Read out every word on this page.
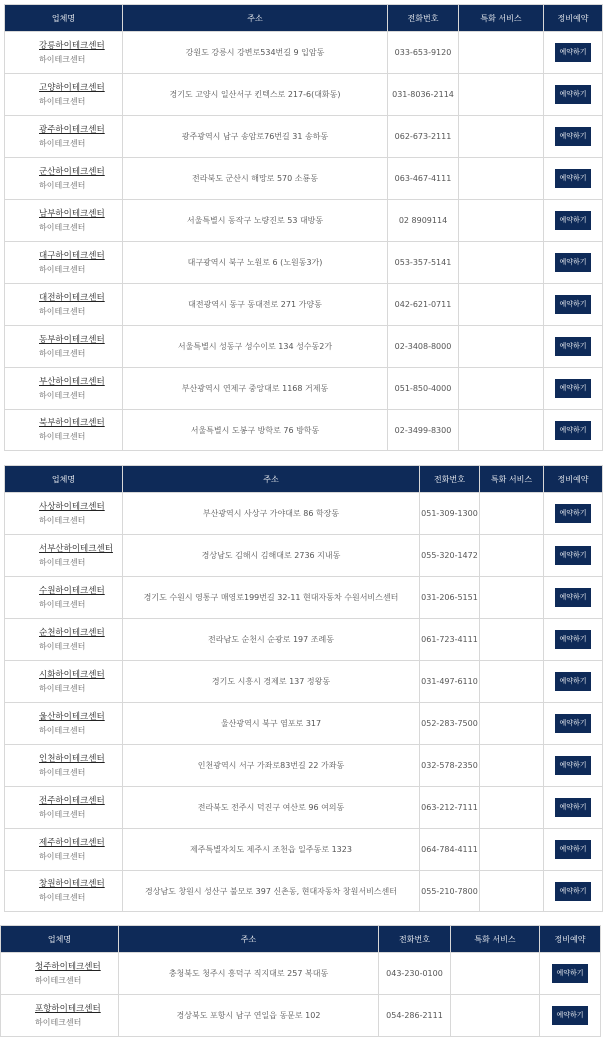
업체명	주소	전화번호	특화 서비스	정비예약

강릉하이테크센터
하이테크센터	강원도 강릉시 강변로534번길 9 입암동	033-653-9120		예약하기

고양하이테크센터
하이테크센터	경기도 고양시 일산서구 킨텍스로 217-6(대화동)	031-8036-2114		예약하기

광주하이테크센터
하이테크센터	광주광역시 남구 송암로76번길 31 송하동	062-673-2111		예약하기

군산하이테크센터
하이테크센터	전라북도 군산시 해망로 570 소룡동	063-467-4111		예약하기

남부하이테크센터
하이테크센터	서울특별시 동작구 노량진로 53 대방동	02 8909114		예약하기

대구하이테크센터
하이테크센터	대구광역시 북구 노원로 6 (노원동3가)	053-357-5141		예약하기

대전하이테크센터
하이테크센터	대전광역시 동구 동대전로 271 가양동	042-621-0711		예약하기

동부하이테크센터
하이테크센터	서울특별시 성동구 성수이로 134 성수동2가	02-3408-8000		예약하기

부산하이테크센터
하이테크센터	부산광역시 연제구 중앙대로 1168 거제동	051-850-4000		예약하기

북부하이테크센터
하이테크센터	서울특별시 도봉구 방학로 76 방학동	02-3499-8300		예약하기
업체명	주소	전화번호	특화 서비스	정비예약

사상하이테크센터
하이테크센터	부산광역시 사상구 가야대로 86 학장동	051-309-1300		예약하기

서부산하이테크센터
하이테크센터	경상남도 김해시 김해대로 2736 지내동	055-320-1472		예약하기

수원하이테크센터
하이테크센터	경기도 수원시 영통구 매영로199번길 32-11 현대자동차 수원서비스센터	031-206-5151		예약하기

순천하이테크센터
하이테크센터	전라남도 순천시 순광로 197 조례동	061-723-4111		예약하기

시화하이테크센터
하이테크센터	경기도 시흥시 경제로 137 정왕동	031-497-6110		예약하기

울산하이테크센터
하이테크센터	울산광역시 북구 염포로 317	052-283-7500		예약하기

인천하이테크센터
하이테크센터	인천광역시 서구 가좌로83번길 22 가좌동	032-578-2350		예약하기

전주하이테크센터
하이테크센터	전라북도 전주시 덕진구 여산로 96 여의동	063-212-7111		예약하기

제주하이테크센터
하이테크센터	제주특별자치도 제주시 조천읍 일주동로 1323	064-784-4111		예약하기

창원하이테크센터
하이테크센터	경상남도 창원시 성산구 불모로 397 신촌동, 현대자동차 창원서비스센터	055-210-7800		예약하기
업체명	주소	전화번호	특화 서비스	정비예약

청주하이테크센터
하이테크센터	충청북도 청주시 흥덕구 직지대로 257 복대동	043-230-0100		예약하기

포항하이테크센터
하이테크센터	경상북도 포항시 남구 연일읍 동문로 102	054-286-2111		예약하기
